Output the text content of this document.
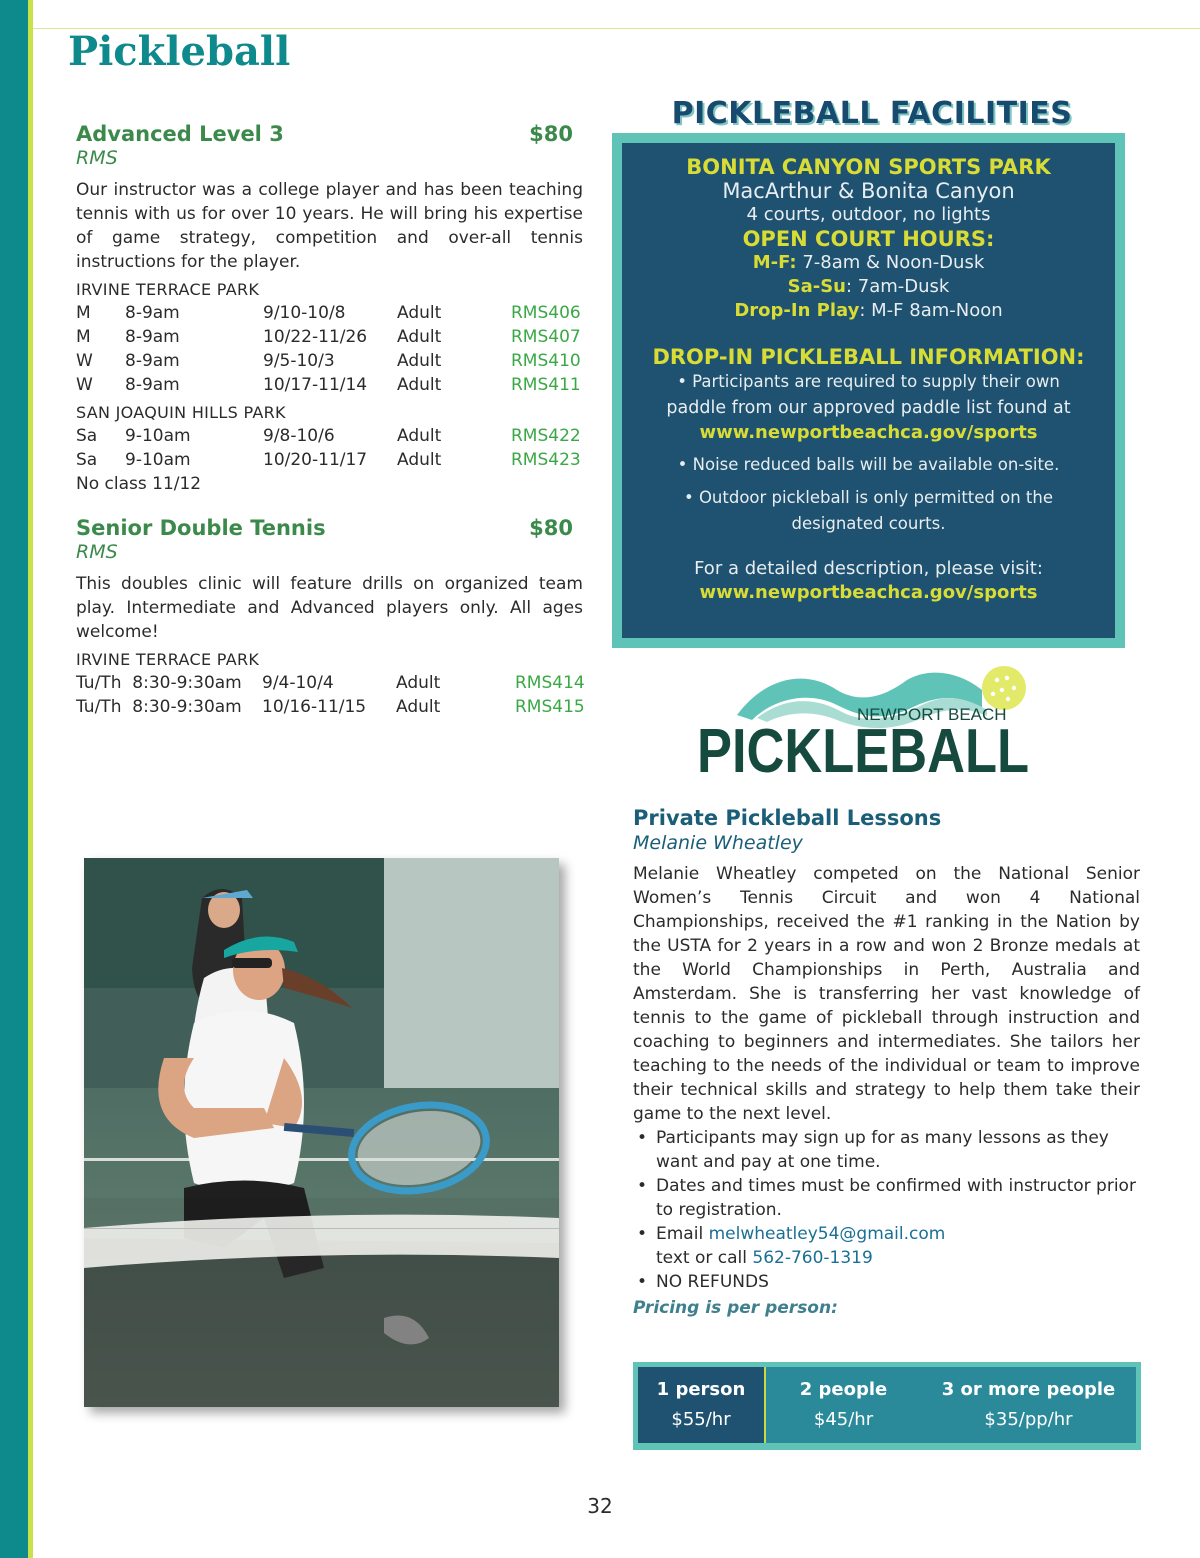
Pickleball
Advanced Level 3	$80
RMS
Our instructor was a college player and has been teaching tennis with us for over 10 years. He will bring his expertise of game strategy, competition and over-all tennis instructions for the player.
IRVINE TERRACE PARK
M	8-9am	9/10-10/8	Adult	RMS406
M	8-9am	10/22-11/26	Adult	RMS407
W	8-9am	9/5-10/3	Adult	RMS410
W	8-9am	10/17-11/14	Adult	RMS411
SAN JOAQUIN HILLS PARK
Sa	9-10am	9/8-10/6	Adult	RMS422
Sa	9-10am	10/20-11/17	Adult	RMS423
No class 11/12
Senior Double Tennis	$80
RMS
This doubles clinic will feature drills on organized team play. Intermediate and Advanced players only. All ages welcome!
IRVINE TERRACE PARK
Tu/Th  8:30-9:30am	9/4-10/4	Adult	RMS414
Tu/Th  8:30-9:30am	10/16-11/15	Adult	RMS415
PICKLEBALL FACILITIES
BONITA CANYON SPORTS PARK
MacArthur & Bonita Canyon
4 courts, outdoor, no lights
OPEN COURT HOURS:
M-F: 7-8am & Noon-Dusk
Sa-Su: 7am-Dusk
Drop-In Play: M-F 8am-Noon
DROP-IN PICKLEBALL INFORMATION:
• Participants are required to supply their own
paddle from our approved paddle list found at
www.newportbeachca.gov/sports
• Noise reduced balls will be available on-site.
• Outdoor pickleball is only permitted on the
designated courts.
For a detailed description, please visit:
www.newportbeachca.gov/sports
NEWPORT BEACH
PICKLEBALL
Private Pickleball Lessons
Melanie Wheatley
Melanie Wheatley competed on the National Senior Women’s Tennis Circuit and won 4 National Championships, received the #1 ranking in the Nation by the USTA for 2 years in a row and won 2 Bronze medals at the World Championships in Perth, Australia and Amsterdam. She is transferring her vast knowledge of tennis to the game of pickleball through instruction and coaching to beginners and intermediates. She tailors her teaching to the needs of the individual or team to improve their technical skills and strategy to help them take their game to the next level.
• Participants may sign up for as many lessons as they want and pay at one time.
• Dates and times must be confirmed with instructor prior to registration.
• Email melwheatley54@gmail.com
text or call 562-760-1319
• NO REFUNDS
Pricing is per person:
1 person
$55/hr
2 people
$45/hr
3 or more people
$35/pp/hr
32
